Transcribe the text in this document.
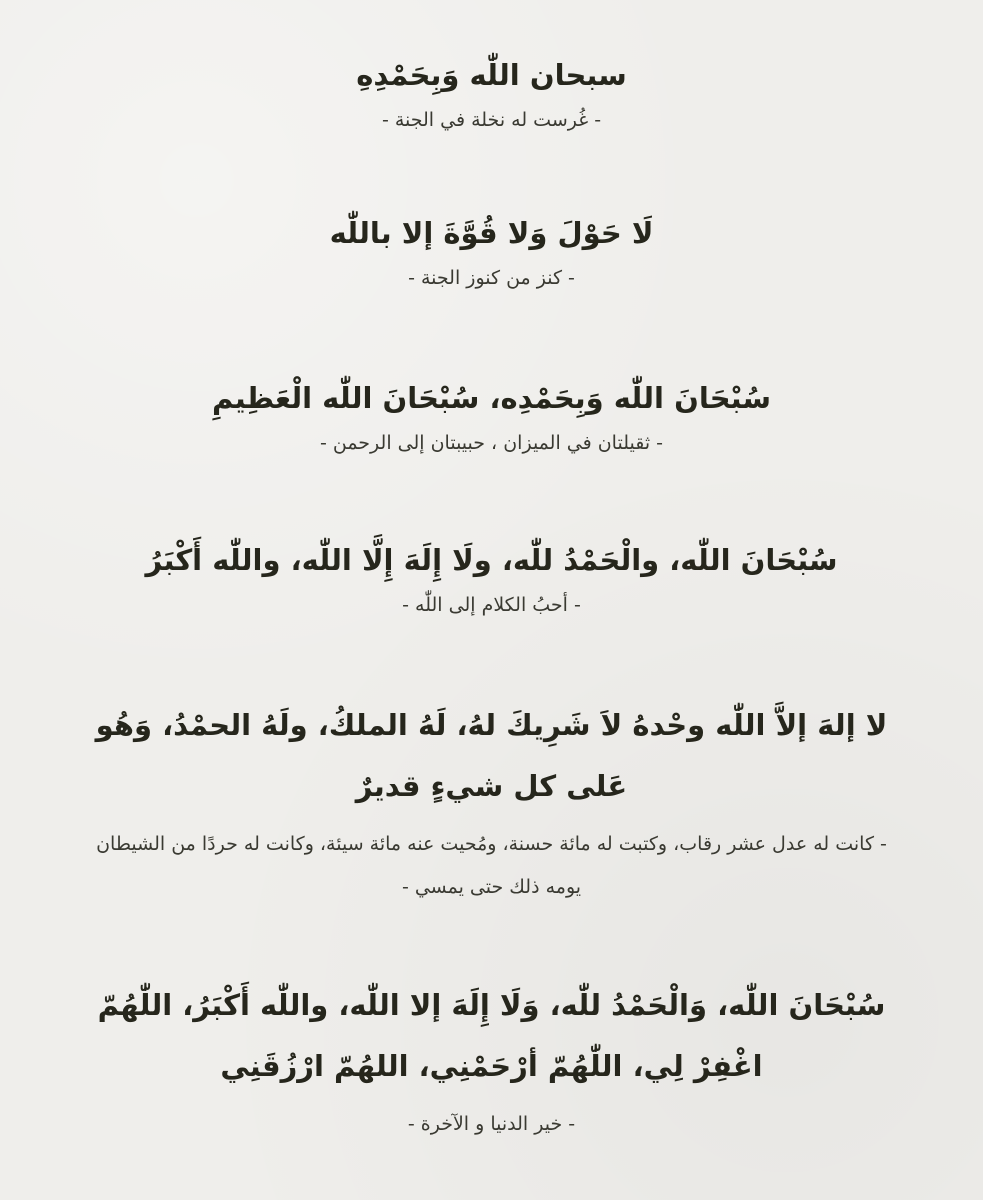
سبحان اللّٰه وَبِحَمْدِهِ

- غُرست له نخلة في الجنة -

لَا حَوْلَ وَلا قُوَّةَ إلا باللّٰه

- كنز من كنوز الجنة -

سُبْحَانَ اللّٰه وَبِحَمْدِه، سُبْحَانَ اللّٰه الْعَظِيمِ

- ثقيلتان في الميزان ، حبيبتان إلى الرحمن -

سُبْحَانَ اللّٰه، والْحَمْدُ للّٰه، ولَا إِلَهَ إِلَّا اللّٰه، واللّٰه أَكْبَرُ

- أحبُ الكلام إلى اللّٰه -

لا إلهَ إلاَّ اللّٰه وحْدهُ لاَ شَرِيكَ لهُ، لَهُ الملكُ، ولَهُ الحمْدُ، وَهُو عَلى كل شيءٍ قديرٌ

- كانت له عدل عشر رقاب، وكتبت له مائة حسنة، ومُحيت عنه مائة سيئة، وكانت له حردًا من الشيطان يومه ذلك حتى يمسي -

سُبْحَانَ اللّٰه، وَالْحَمْدُ للّٰه، وَلَا إِلَهَ إلا اللّٰه، واللّٰه أَكْبَرُ، اللّٰهُمّ اغْفِرْ لِي، اللّٰهُمّ أرْحَمْنِي، اللهُمّ ارْزُقَنِي

- خير الدنيا و الآخرة -
